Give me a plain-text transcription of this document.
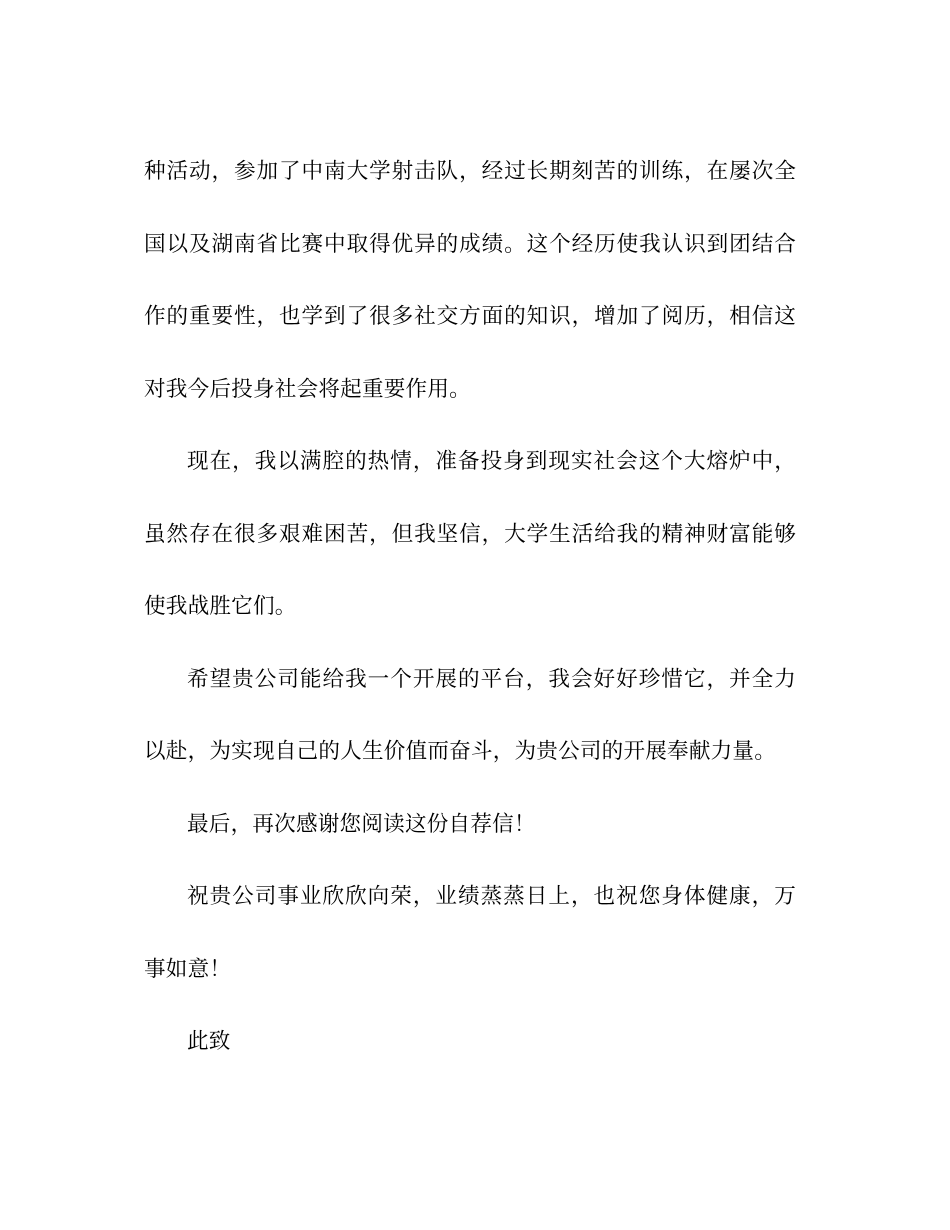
种活动，参加了中南大学射击队，经过长期刻苦的训练，在屡次全国以及湖南省比赛中取得优异的成绩。这个经历使我认识到团结合作的重要性，也学到了很多社交方面的知识，增加了阅历，相信这对我今后投身社会将起重要作用。

现在，我以满腔的热情，准备投身到现实社会这个大熔炉中，虽然存在很多艰难困苦，但我坚信，大学生活给我的精神财富能够使我战胜它们。

希望贵公司能给我一个开展的平台，我会好好珍惜它，并全力以赴，为实现自己的人生价值而奋斗，为贵公司的开展奉献力量。

最后，再次感谢您阅读这份自荐信！

祝贵公司事业欣欣向荣，业绩蒸蒸日上，也祝您身体健康，万事如意！

此致
